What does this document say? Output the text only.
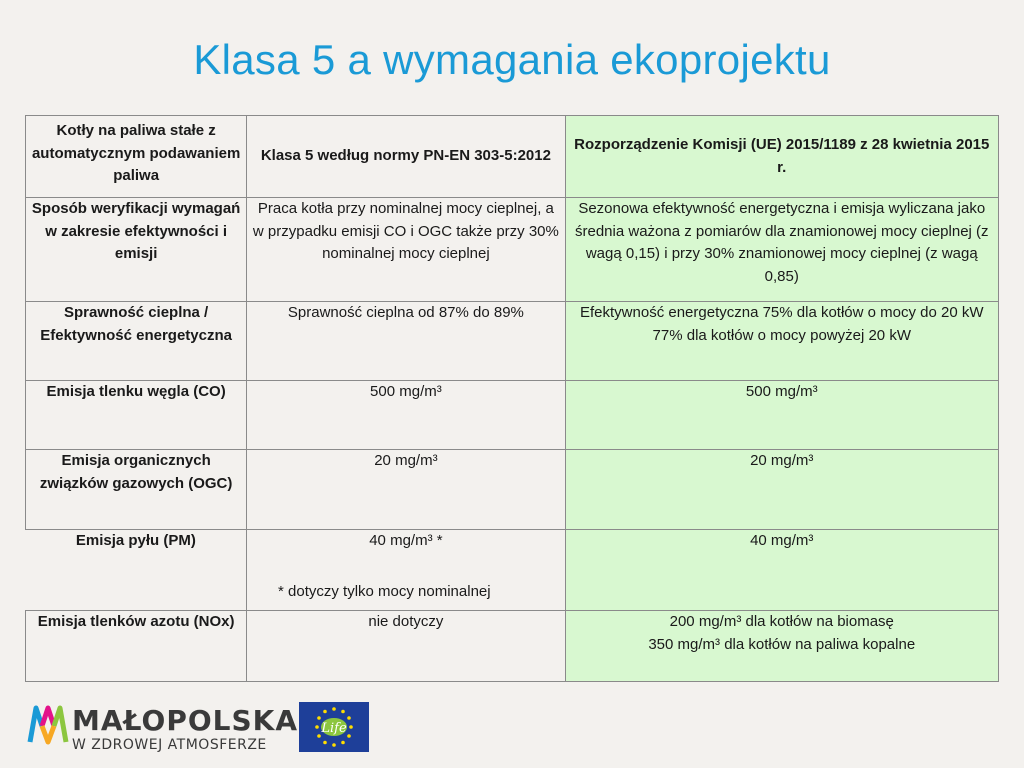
Klasa 5 a wymagania ekoprojektu
Kotły na paliwa stałe z automatycznym podawaniem paliwa	Klasa 5 według normy PN-EN 303-5:2012	Rozporządzenie Komisji (UE) 2015/1189 z 28 kwietnia 2015 r.
Sposób weryfikacji wymagań w zakresie efektywności i emisji	Praca kotła przy nominalnej mocy cieplnej, a w przypadku emisji CO i OGC także przy 30% nominalnej mocy cieplnej	Sezonowa efektywność energetyczna i emisja wyliczana jako średnia ważona z pomiarów dla znamionowej mocy cieplnej (z wagą 0,15) i przy 30% znamionowej mocy cieplnej (z wagą 0,85)
Sprawność cieplna / Efektywność energetyczna	Sprawność cieplna od 87% do 89%	Efektywność energetyczna 75% dla kotłów o mocy do 20 kW 77% dla kotłów o mocy powyżej 20 kW
Emisja tlenku węgla (CO)	500 mg/m³	500 mg/m³
Emisja organicznych związków gazowych (OGC)	20 mg/m³	20 mg/m³
Emisja pyłu (PM)	40 mg/m³ *	40 mg/m³
Emisja tlenków azotu (NOx)	nie dotyczy	200 mg/m³ dla kotłów na biomasę
350 mg/m³ dla kotłów na paliwa kopalne
* dotyczy tylko mocy nominalnej
MAŁOPOLSKA
W ZDROWEJ ATMOSFERZE
Life
